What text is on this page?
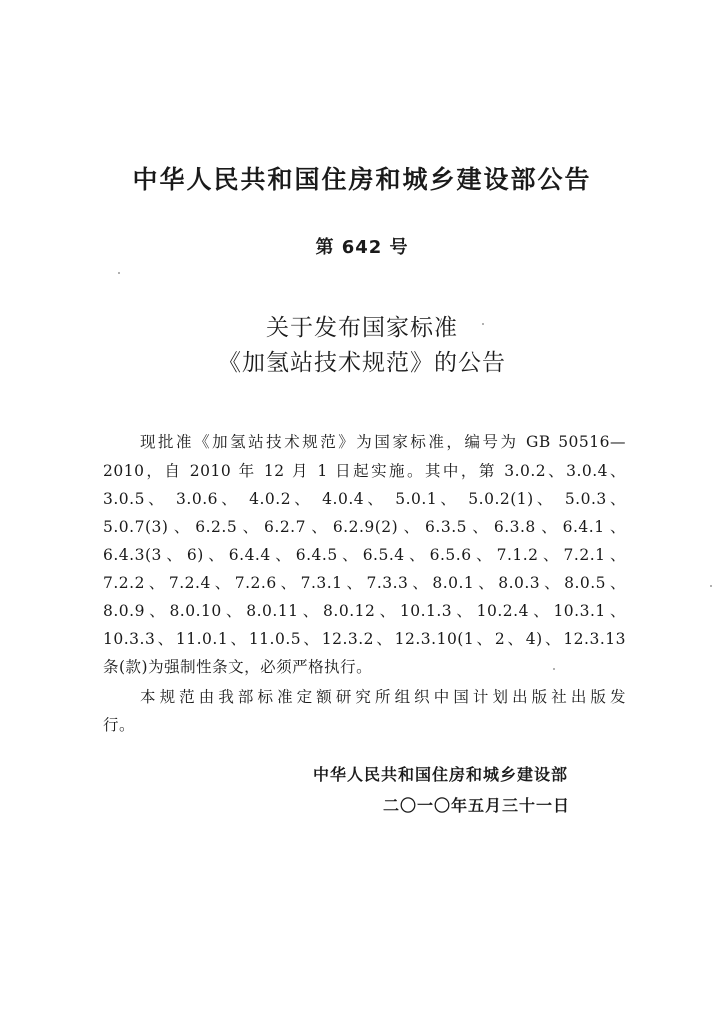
中华人民共和国住房和城乡建设部公告
第 642 号
关于发布国家标准
《加氢站技术规范》的公告
现批准《加氢站技术规范》为国家标准，编号为 GB 50516—
2010，自 2010 年 12 月 1 日起实施。其中，第 3.0.2、3.0.4、
3.0.5、 3.0.6、 4.0.2、 4.0.4、 5.0.1、 5.0.2(1)、 5.0.3、
5.0.7(3)、6.2.5、6.2.7、6.2.9(2)、6.3.5、6.3.8、6.4.1、
6.4.3(3、6)、6.4.4、6.4.5、6.5.4、6.5.6、7.1.2、7.2.1、
7.2.2、7.2.4、7.2.6、7.3.1、7.3.3、8.0.1、8.0.3、8.0.5、
8.0.9、8.0.10、8.0.11、8.0.12、10.1.3、10.2.4、10.3.1、
10.3.3、11.0.1、11.0.5、12.3.2、12.3.10(1、2、4)、12.3.13
条(款)为强制性条文，必须严格执行。
本规范由我部标准定额研究所组织中国计划出版社出版发
行。
中华人民共和国住房和城乡建设部
二〇一〇年五月三十一日
